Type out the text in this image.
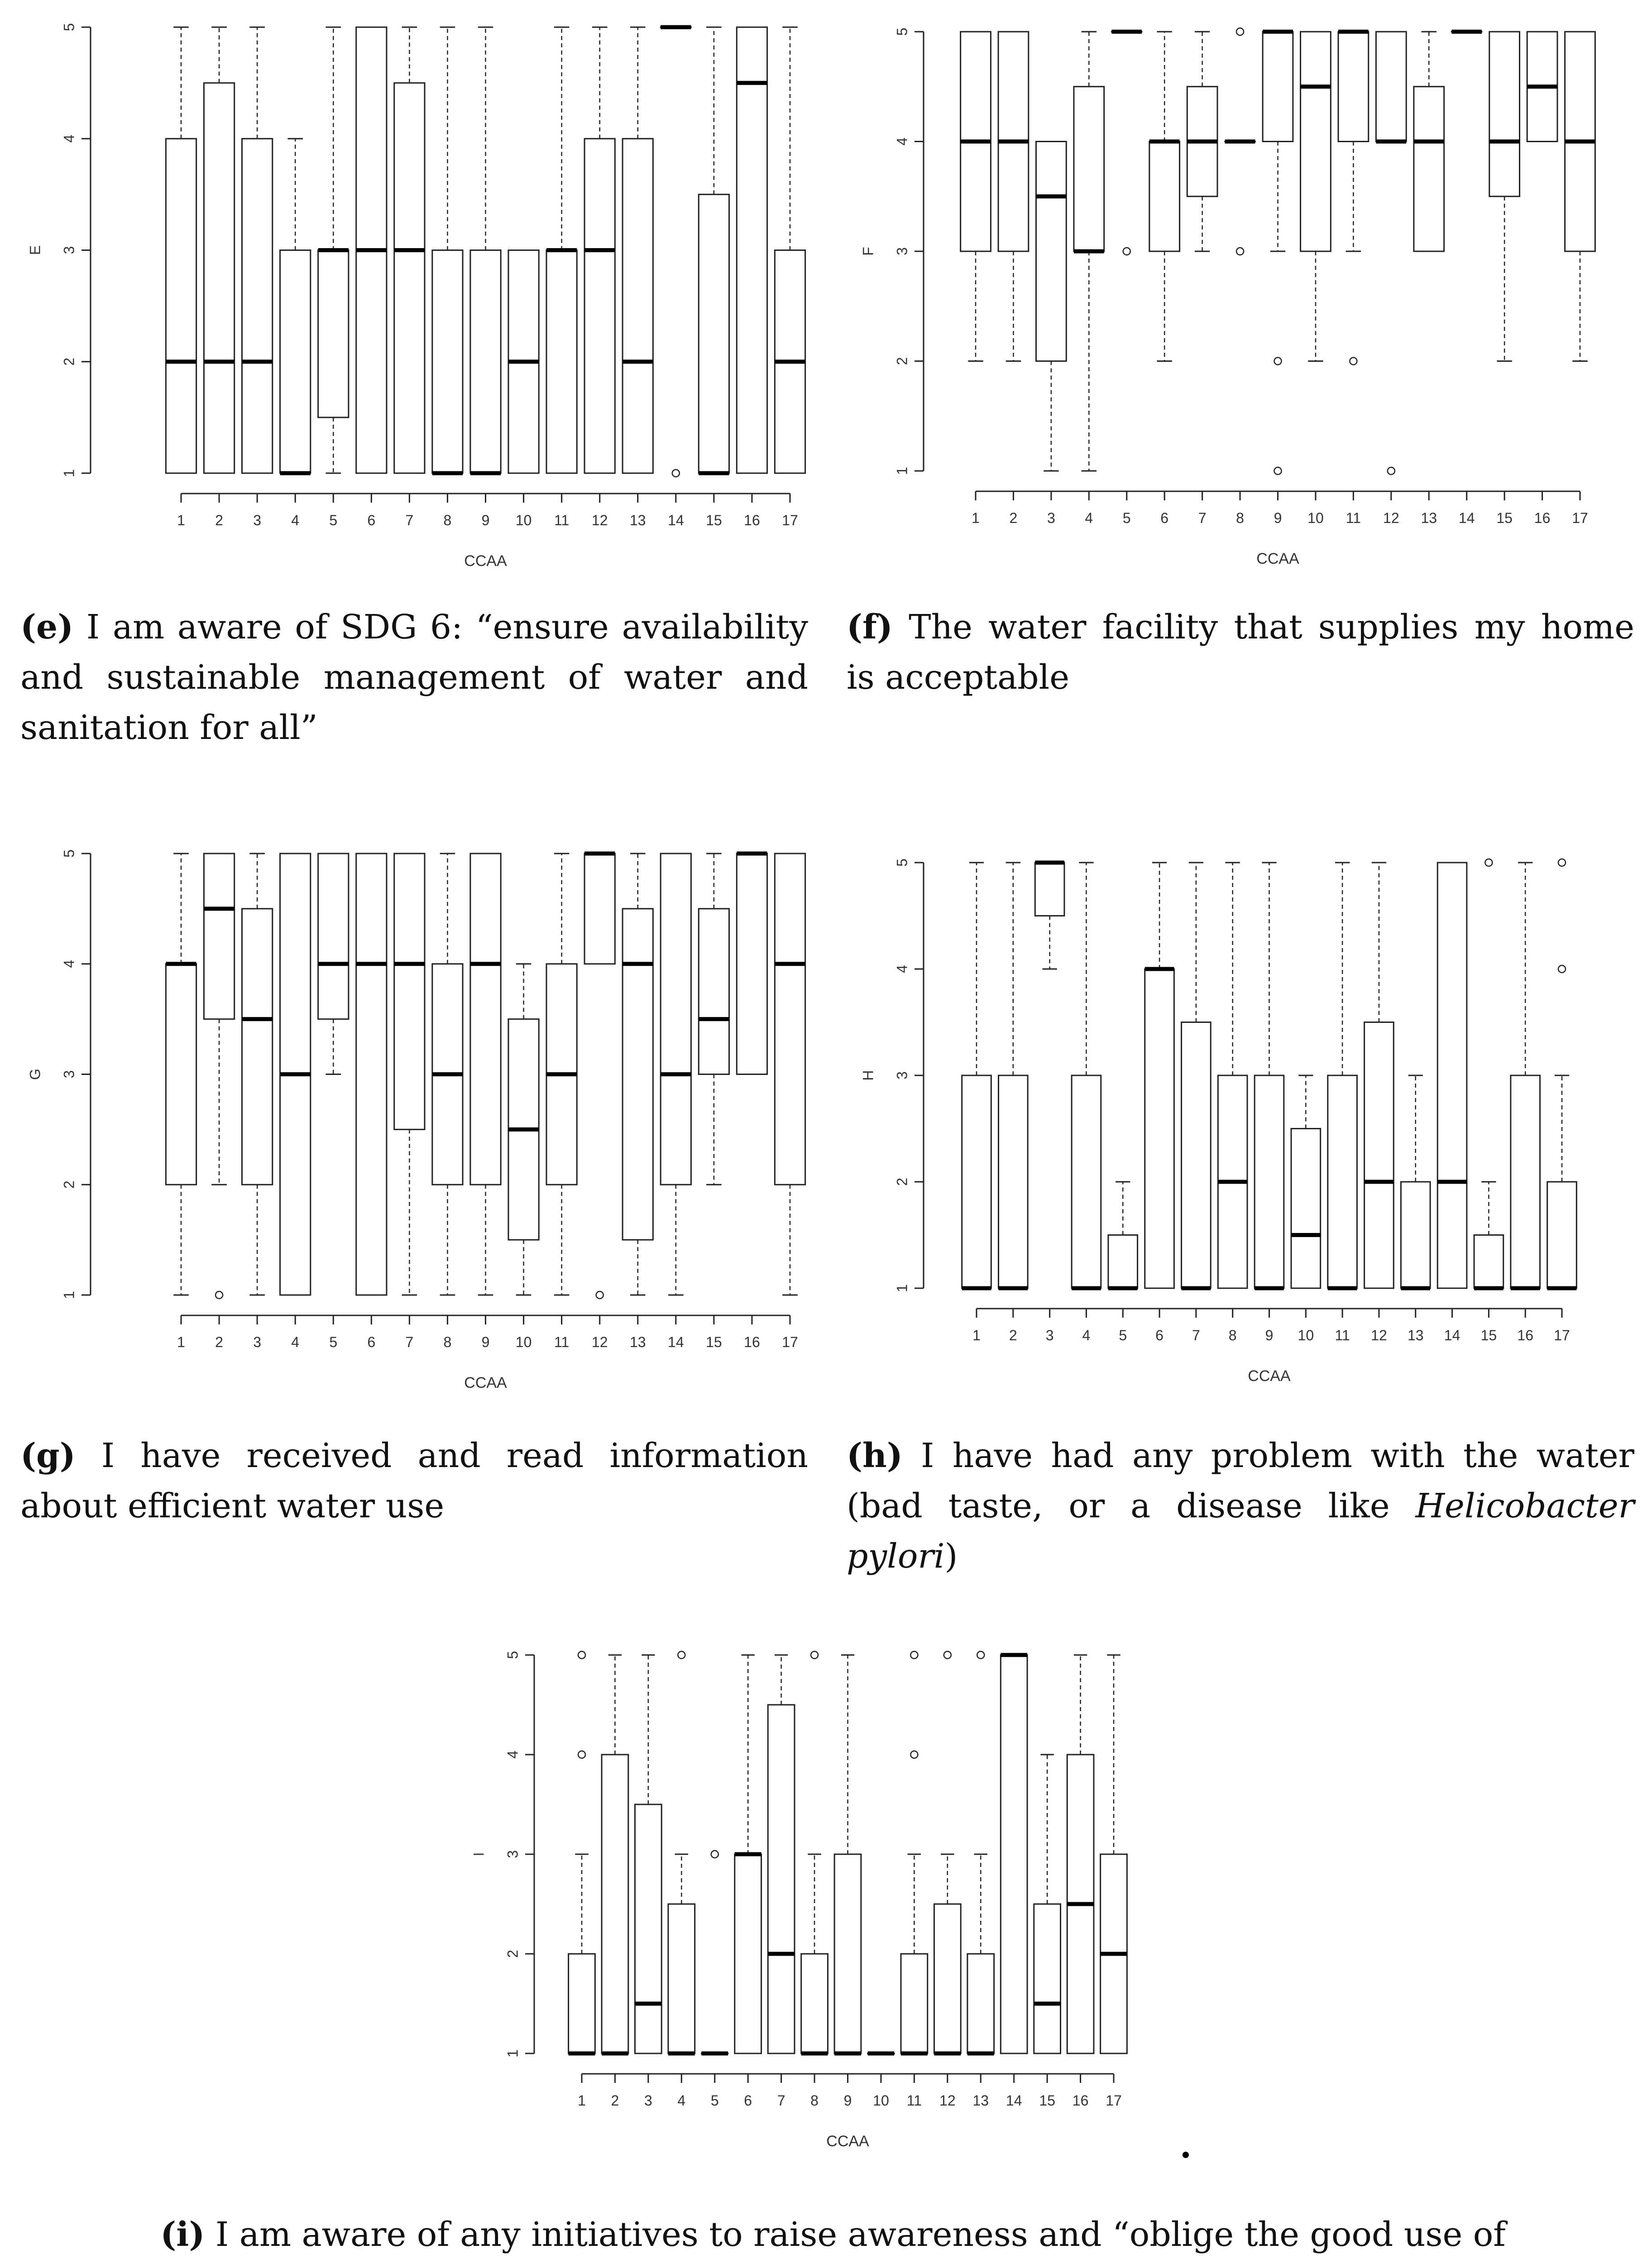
1
2
3
4
5
E
1 2 3 4 5 6 7 8 9 10 11 12 13 14 15 16 17
CCAA
1
2
3
4
5
F
1 2 3 4 5 6 7 8 9 10 11 12 13 14 15 16 17
CCAA
1
2
3
4
5
G
1 2 3 4 5 6 7 8 9 10 11 12 13 14 15 16 17
CCAA
1
2
3
4
5
H
1 2 3 4 5 6 7 8 9 10 11 12 13 14 15 16 17
CCAA
1
2
3
4
5
I
1 2 3 4 5 6 7 8 9 10 11 12 13 14 15 16 17
CCAA
(e) I am aware of SDG 6: “ensure availability and sustainable management of water and sanitation for all”
(f) The water facility that supplies my home is acceptable
(g) I have received and read information about efficient water use
(h) I have had any problem with the water (bad taste, or a disease like Helicobacter pylori)
(i) I am aware of any initiatives to raise awareness and “oblige the good use of
